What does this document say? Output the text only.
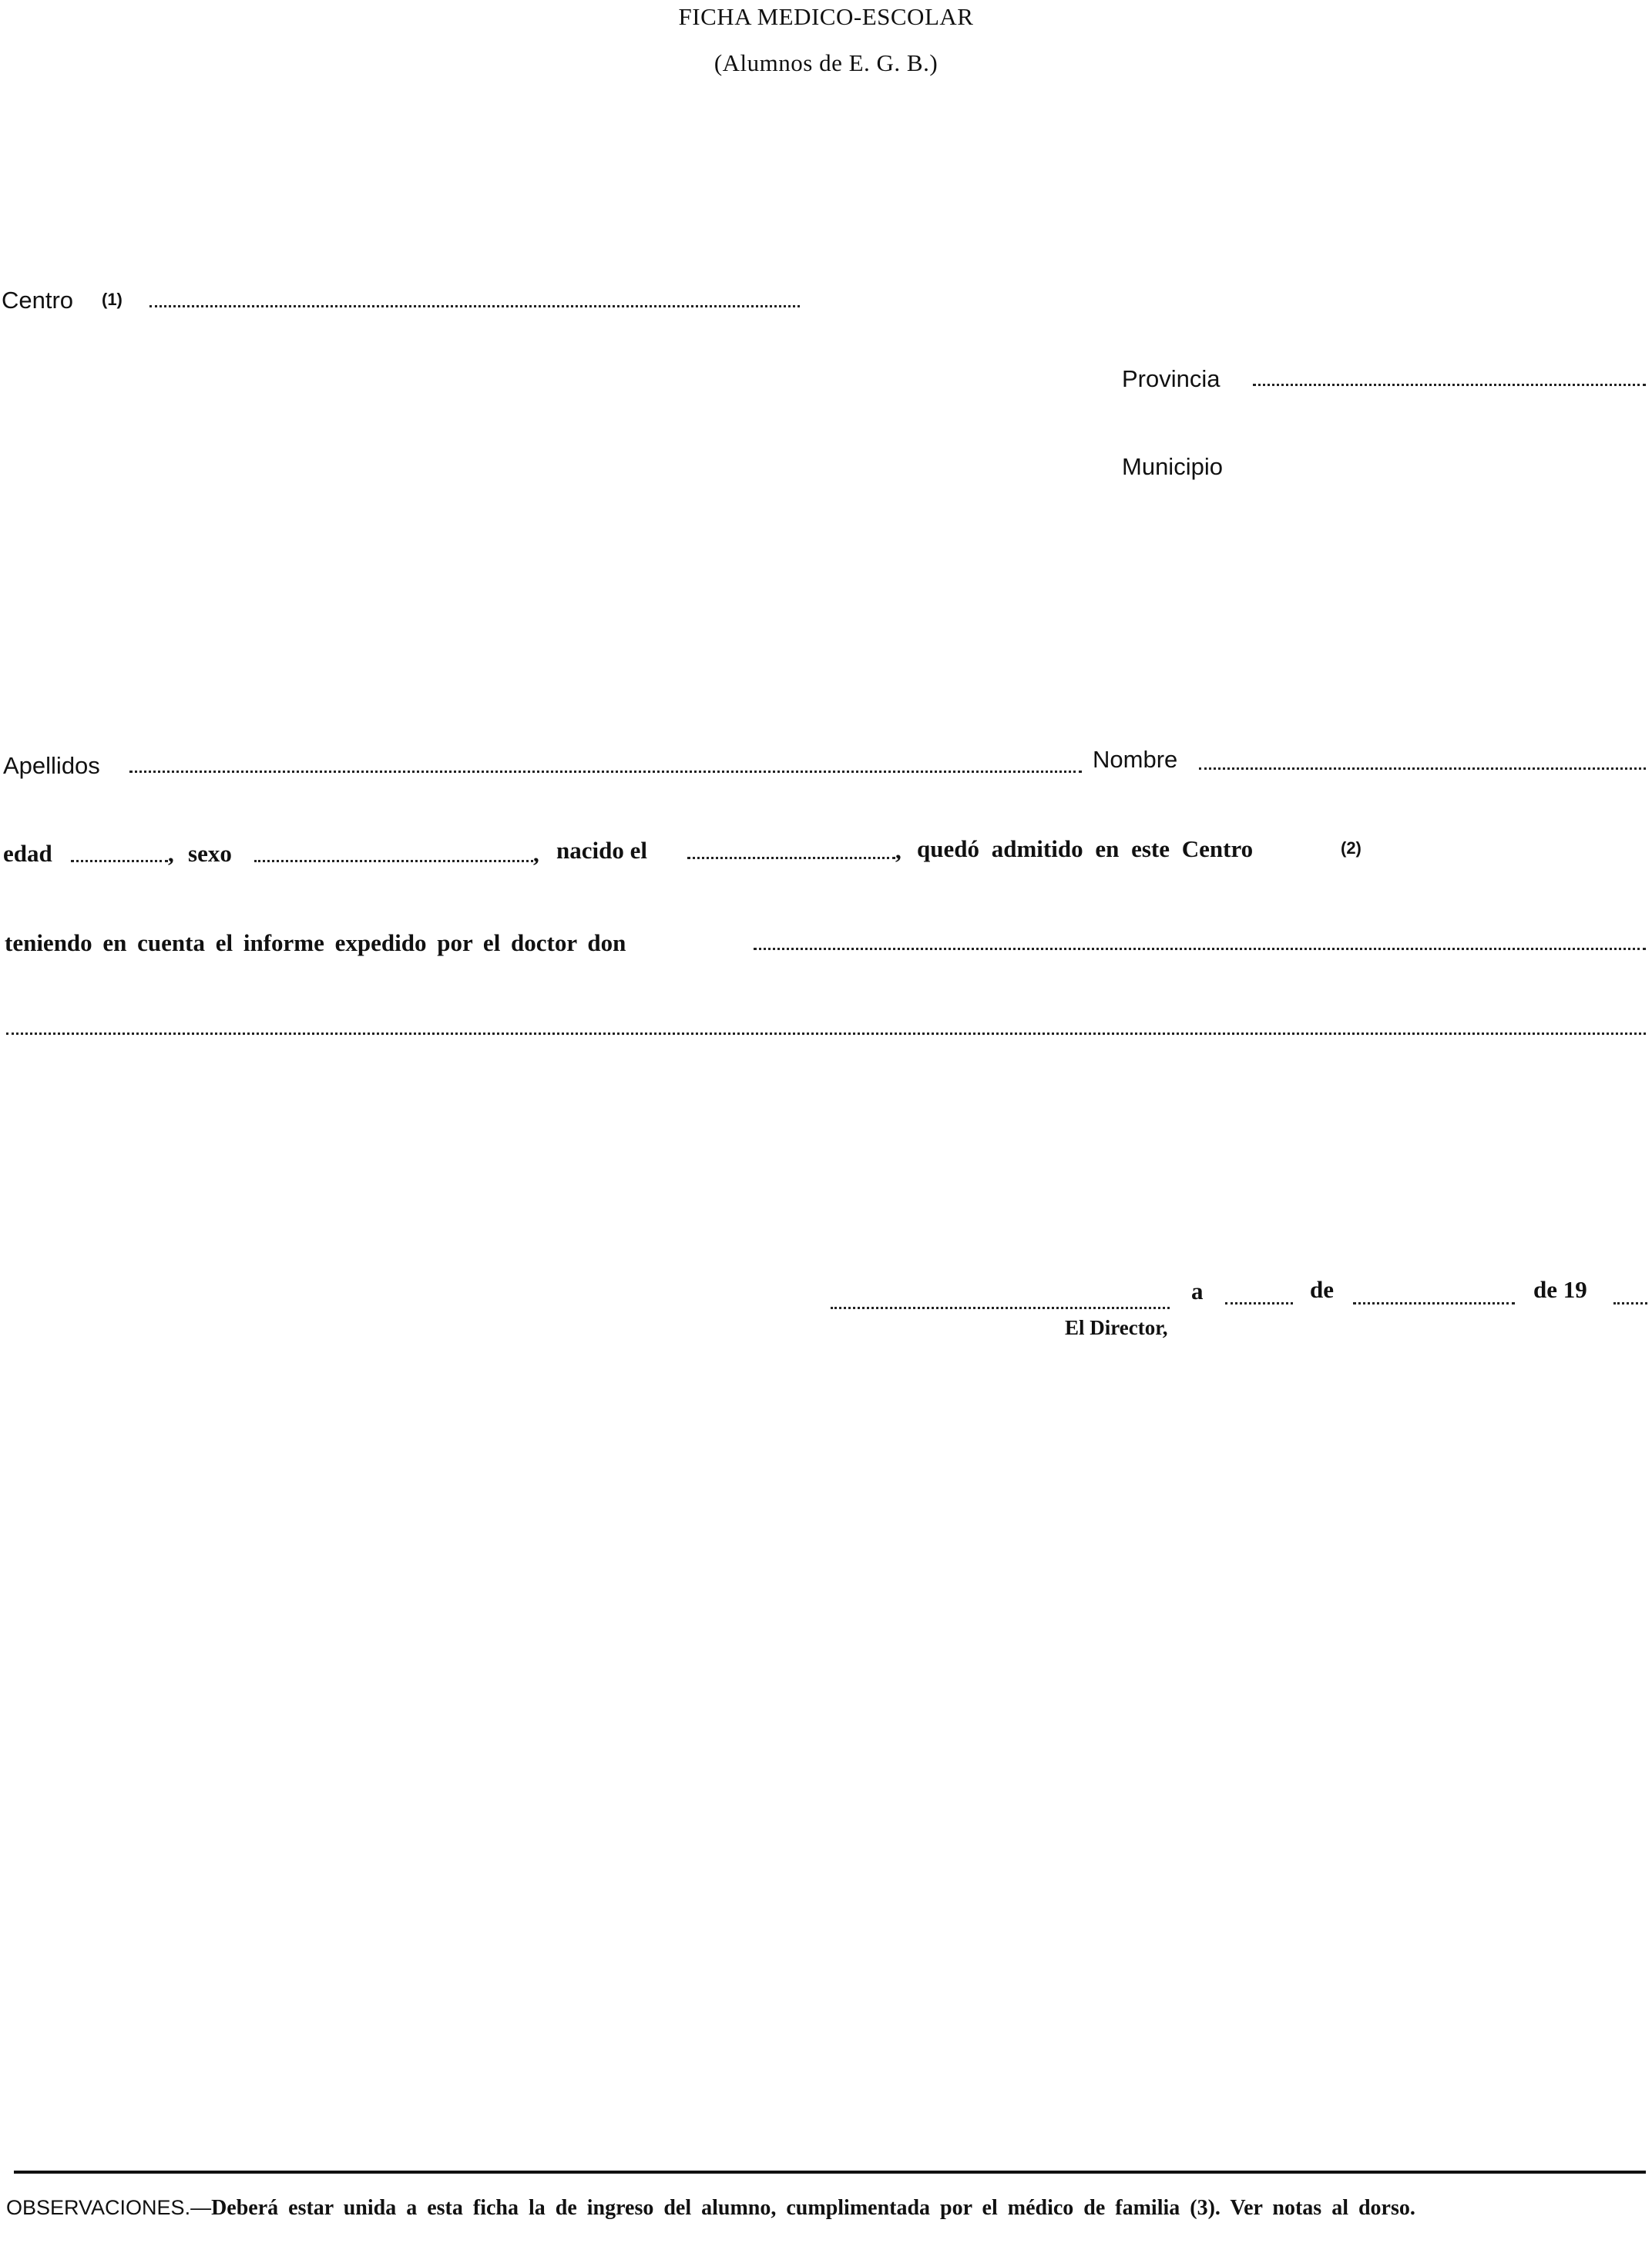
FICHA MEDICO-ESCOLAR
(Alumnos de E. G. B.)
Centro (1)
Provincia
Municipio
Apellidos	Nombre
edad	, sexo	, nacido el	, quedó admitido en este Centro	(2)
teniendo en cuenta el informe expedido por el doctor don
a	de	de 19
El Director,
OBSERVACIONES.—Deberá estar unida a esta ficha la de ingreso del alumno, cumplimentada por el médico de familia (3). Ver notas al dorso.
